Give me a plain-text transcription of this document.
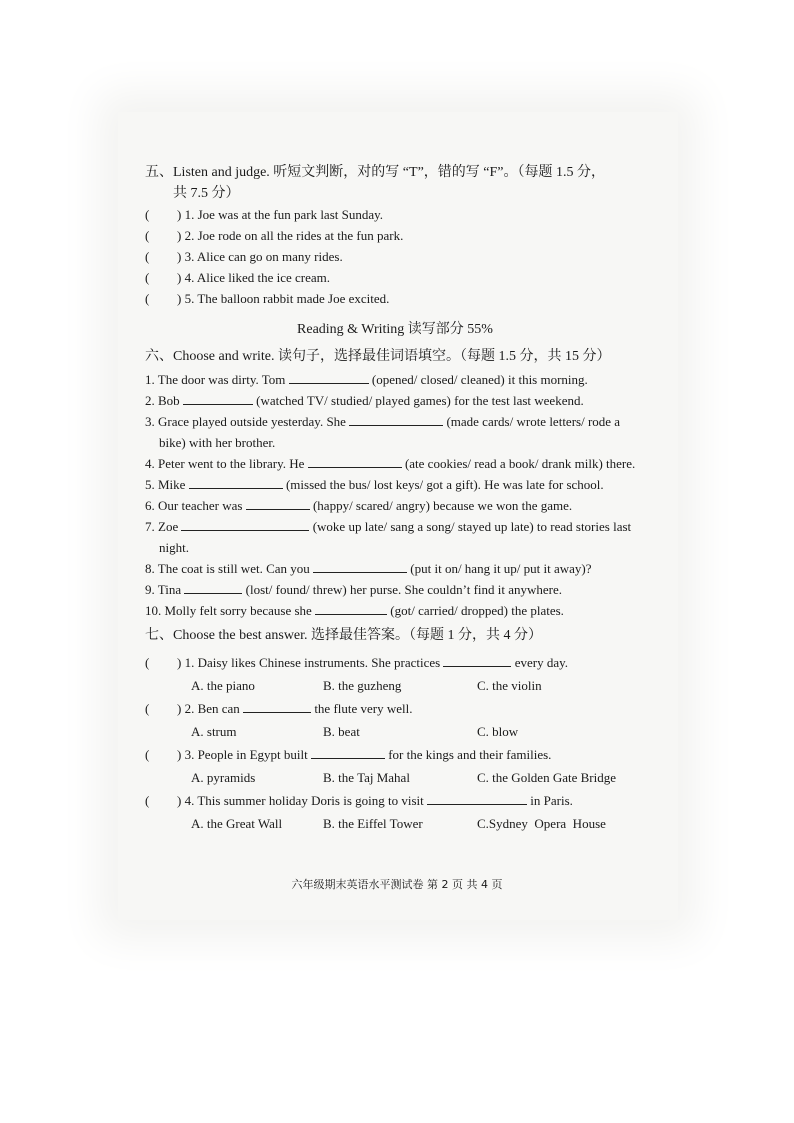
五、Listen and judge. 听短文判断，对的写 “T”，错的写 “F”。（每题 1.5 分，
共 7.5 分）
( ) 1. Joe was at the fun park last Sunday.
( ) 2. Joe rode on all the rides at the fun park.
( ) 3. Alice can go on many rides.
( ) 4. Alice liked the ice cream.
( ) 5. The balloon rabbit made Joe excited.
Reading & Writing 读写部分 55%
六、Choose and write. 读句子，选择最佳词语填空。（每题 1.5 分，共 15 分）
1. The door was dirty. Tom	(opened/ closed/ cleaned) it this morning.
2. Bob	(watched TV/ studied/ played games) for the test last weekend.
3. Grace played outside yesterday. She	(made cards/ wrote letters/ rode a bike) with her brother.
4. Peter went to the library. He	(ate cookies/ read a book/ drank milk) there.
5. Mike	(missed the bus/ lost keys/ got a gift). He was late for school.
6. Our teacher was	(happy/ scared/ angry) because we won the game.
7. Zoe	(woke up late/ sang a song/ stayed up late) to read stories last night.
8. The coat is still wet. Can you	(put it on/ hang it up/ put it away)?
9. Tina	(lost/ found/ threw) her purse. She couldn’t find it anywhere.
10. Molly felt sorry because she	(got/ carried/ dropped) the plates.
七、Choose the best answer. 选择最佳答案。（每题 1 分，共 4 分）
( ) 1. Daisy likes Chinese instruments. She practices	every day.
A. the piano	B. the guzheng	C. the violin
( ) 2. Ben can	the flute very well.
A. strum	B. beat	C. blow
( ) 3. People in Egypt built	for the kings and their families.
A. pyramids	B. the Taj Mahal	C. the Golden Gate Bridge
( ) 4. This summer holiday Doris is going to visit	in Paris.
A. the Great Wall	B. the Eiffel Tower	C.Sydney  Opera  House
六年级期末英语水平测试卷 第 2 页 共 4 页
